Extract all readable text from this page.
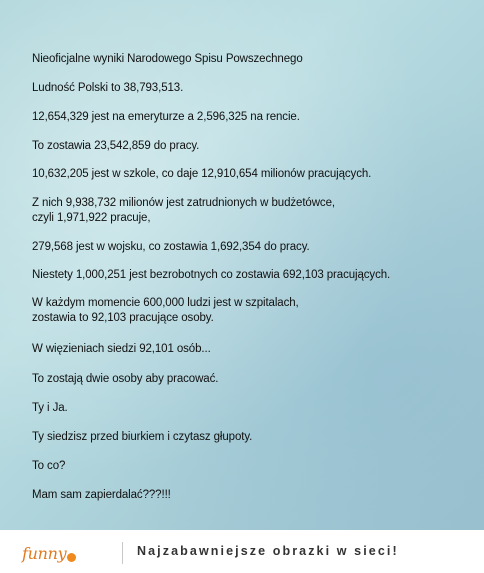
Nieoficjalne wyniki Narodowego Spisu Powszechnego
Ludność Polski to 38,793,513.
12,654,329 jest na emeryturze a 2,596,325 na rencie.
To zostawia 23,542,859 do pracy.
10,632,205 jest w szkole, co daje 12,910,654 milionów pracujących.
Z nich 9,938,732 milionów jest zatrudnionych w budżetówce,
czyli 1,971,922 pracuje,
279,568 jest w wojsku, co zostawia 1,692,354 do pracy.
Niestety 1,000,251 jest bezrobotnych co zostawia 692,103 pracujących.
W każdym momencie 600,000 ludzi jest w szpitalach,
zostawia to 92,103 pracujące osoby.
W więzieniach siedzi 92,101 osób...
To zostają dwie osoby aby pracować.
Ty i Ja.
Ty siedzisz przed biurkiem i czytasz głupoty.
To co?
Mam sam zapierdalać???!!!
funny	Najzabawniejsze obrazki w sieci!
